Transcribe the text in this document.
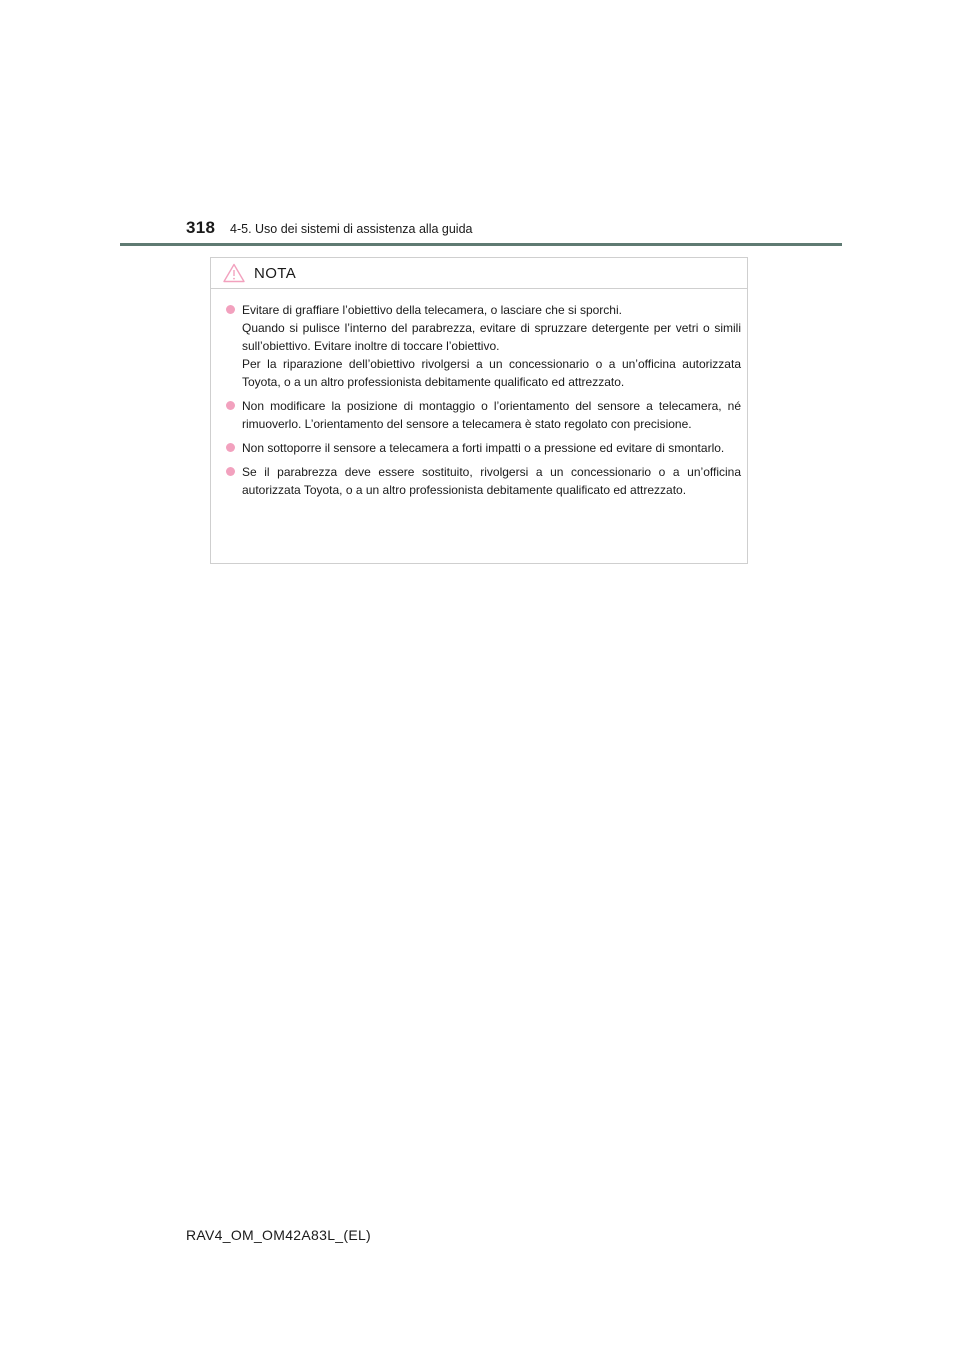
318 4-5. Uso dei sistemi di assistenza alla guida
NOTA
Evitare di graffiare l’obiettivo della telecamera, o lasciare che si sporchi.
Quando si pulisce l’interno del parabrezza, evitare di spruzzare detergente per vetri o simili sull’obiettivo. Evitare inoltre di toccare l’obiettivo.
Per la riparazione dell’obiettivo rivolgersi a un concessionario o a un’officina autorizzata Toyota, o a un altro professionista debitamente qualificato ed attrezzato.
Non modificare la posizione di montaggio o l’orientamento del sensore a telecamera, né rimuoverlo. L’orientamento del sensore a telecamera è stato regolato con precisione.
Non sottoporre il sensore a telecamera a forti impatti o a pressione ed evitare di smontarlo.
Se il parabrezza deve essere sostituito, rivolgersi a un concessionario o a un’officina autorizzata Toyota, o a un altro professionista debitamente qualificato ed attrezzato.
RAV4_OM_OM42A83L_(EL)
